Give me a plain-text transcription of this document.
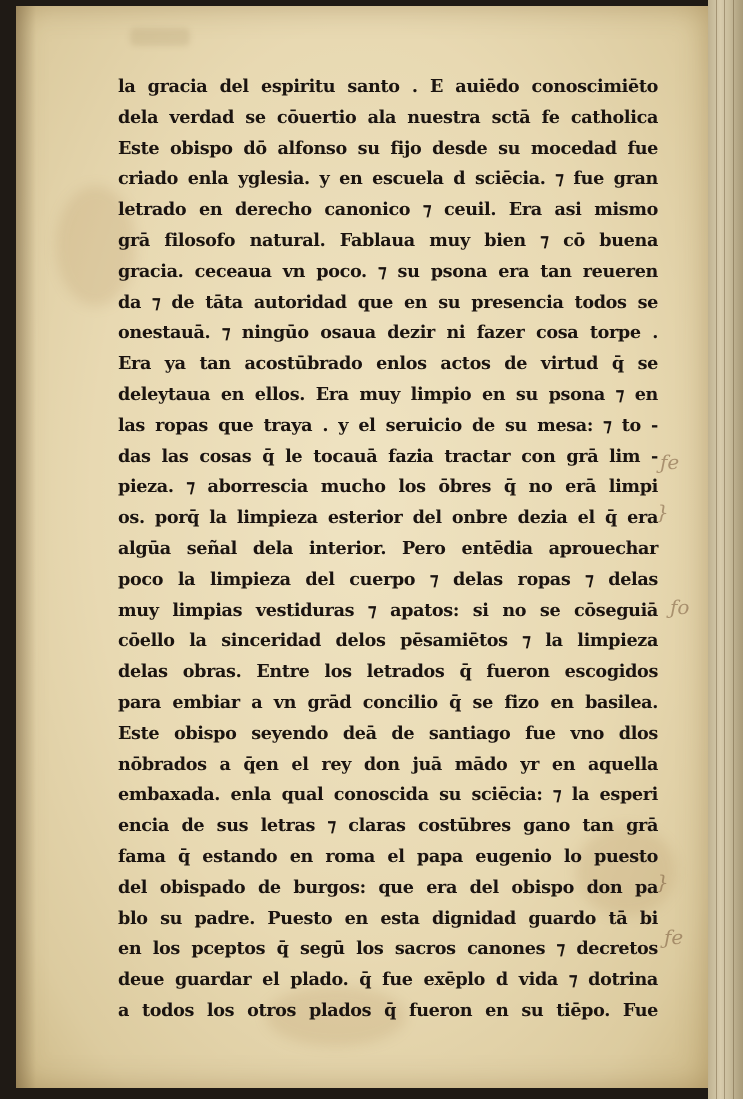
la gracia del espiritu santo . E auiēdo conoscimiēto
dela verdad se cōuertio ala nuestra sctā fe catholica
Este obispo dō alfonso su fijo desde su mocedad fue
criado enla yglesia. y en escuela d sciēcia. ⁊ fue gran
letrado en derecho canonico ⁊ ceuil. Era asi mismo
grā filosofo natural. Fablaua muy bien ⁊ cō buena
gracia. ceceaua vn poco. ⁊ su psona era tan reueren
da ⁊ de tāta autoridad que en su presencia todos se
onestauā. ⁊ ningūo osaua dezir ni fazer cosa torpe .
Era ya tan acostūbrado enlos actos de virtud q̄ se
deleytaua en ellos. Era muy limpio en su psona ⁊ en
las ropas que traya . y el seruicio de su mesa: ⁊ to -
das las cosas q̄ le tocauā fazia tractar con grā lim -
pieza. ⁊ aborrescia mucho los ōbres q̄ no erā limpi
os. porq̄ la limpieza esterior del onbre dezia el q̄ era
algūa señal dela interior. Pero entēdia aprouechar
poco la limpieza del cuerpo ⁊ delas ropas ⁊ delas
muy limpias vestiduras ⁊ apatos: si no se cōseguiā
cōello la sinceridad delos pēsamiētos ⁊ la limpieza
delas obras. Entre los letrados q̄ fueron escogidos
para embiar a vn grād concilio q̄ se fizo en basilea.
Este obispo seyendo deā de santiago fue vno dlos
nōbrados a q̄en el rey don juā mādo yr en aquella
embaxada. enla qual conoscida su sciēcia: ⁊ la esperi
encia de sus letras ⁊ claras costūbres gano tan grā
fama q̄ estando en roma el papa eugenio lo puesto
del obispado de burgos: que era del obispo don pa
blo su padre. Puesto en esta dignidad guardo tā bi
en los pceptos q̄ segū los sacros canones ⁊ decretos
deue guardar el plado. q̄ fue exēplo d vida ⁊ dotrina
a todos los otros plados q̄ fueron en su tiēpo. Fue
ƒe
}
ƒo
}
ƒe
